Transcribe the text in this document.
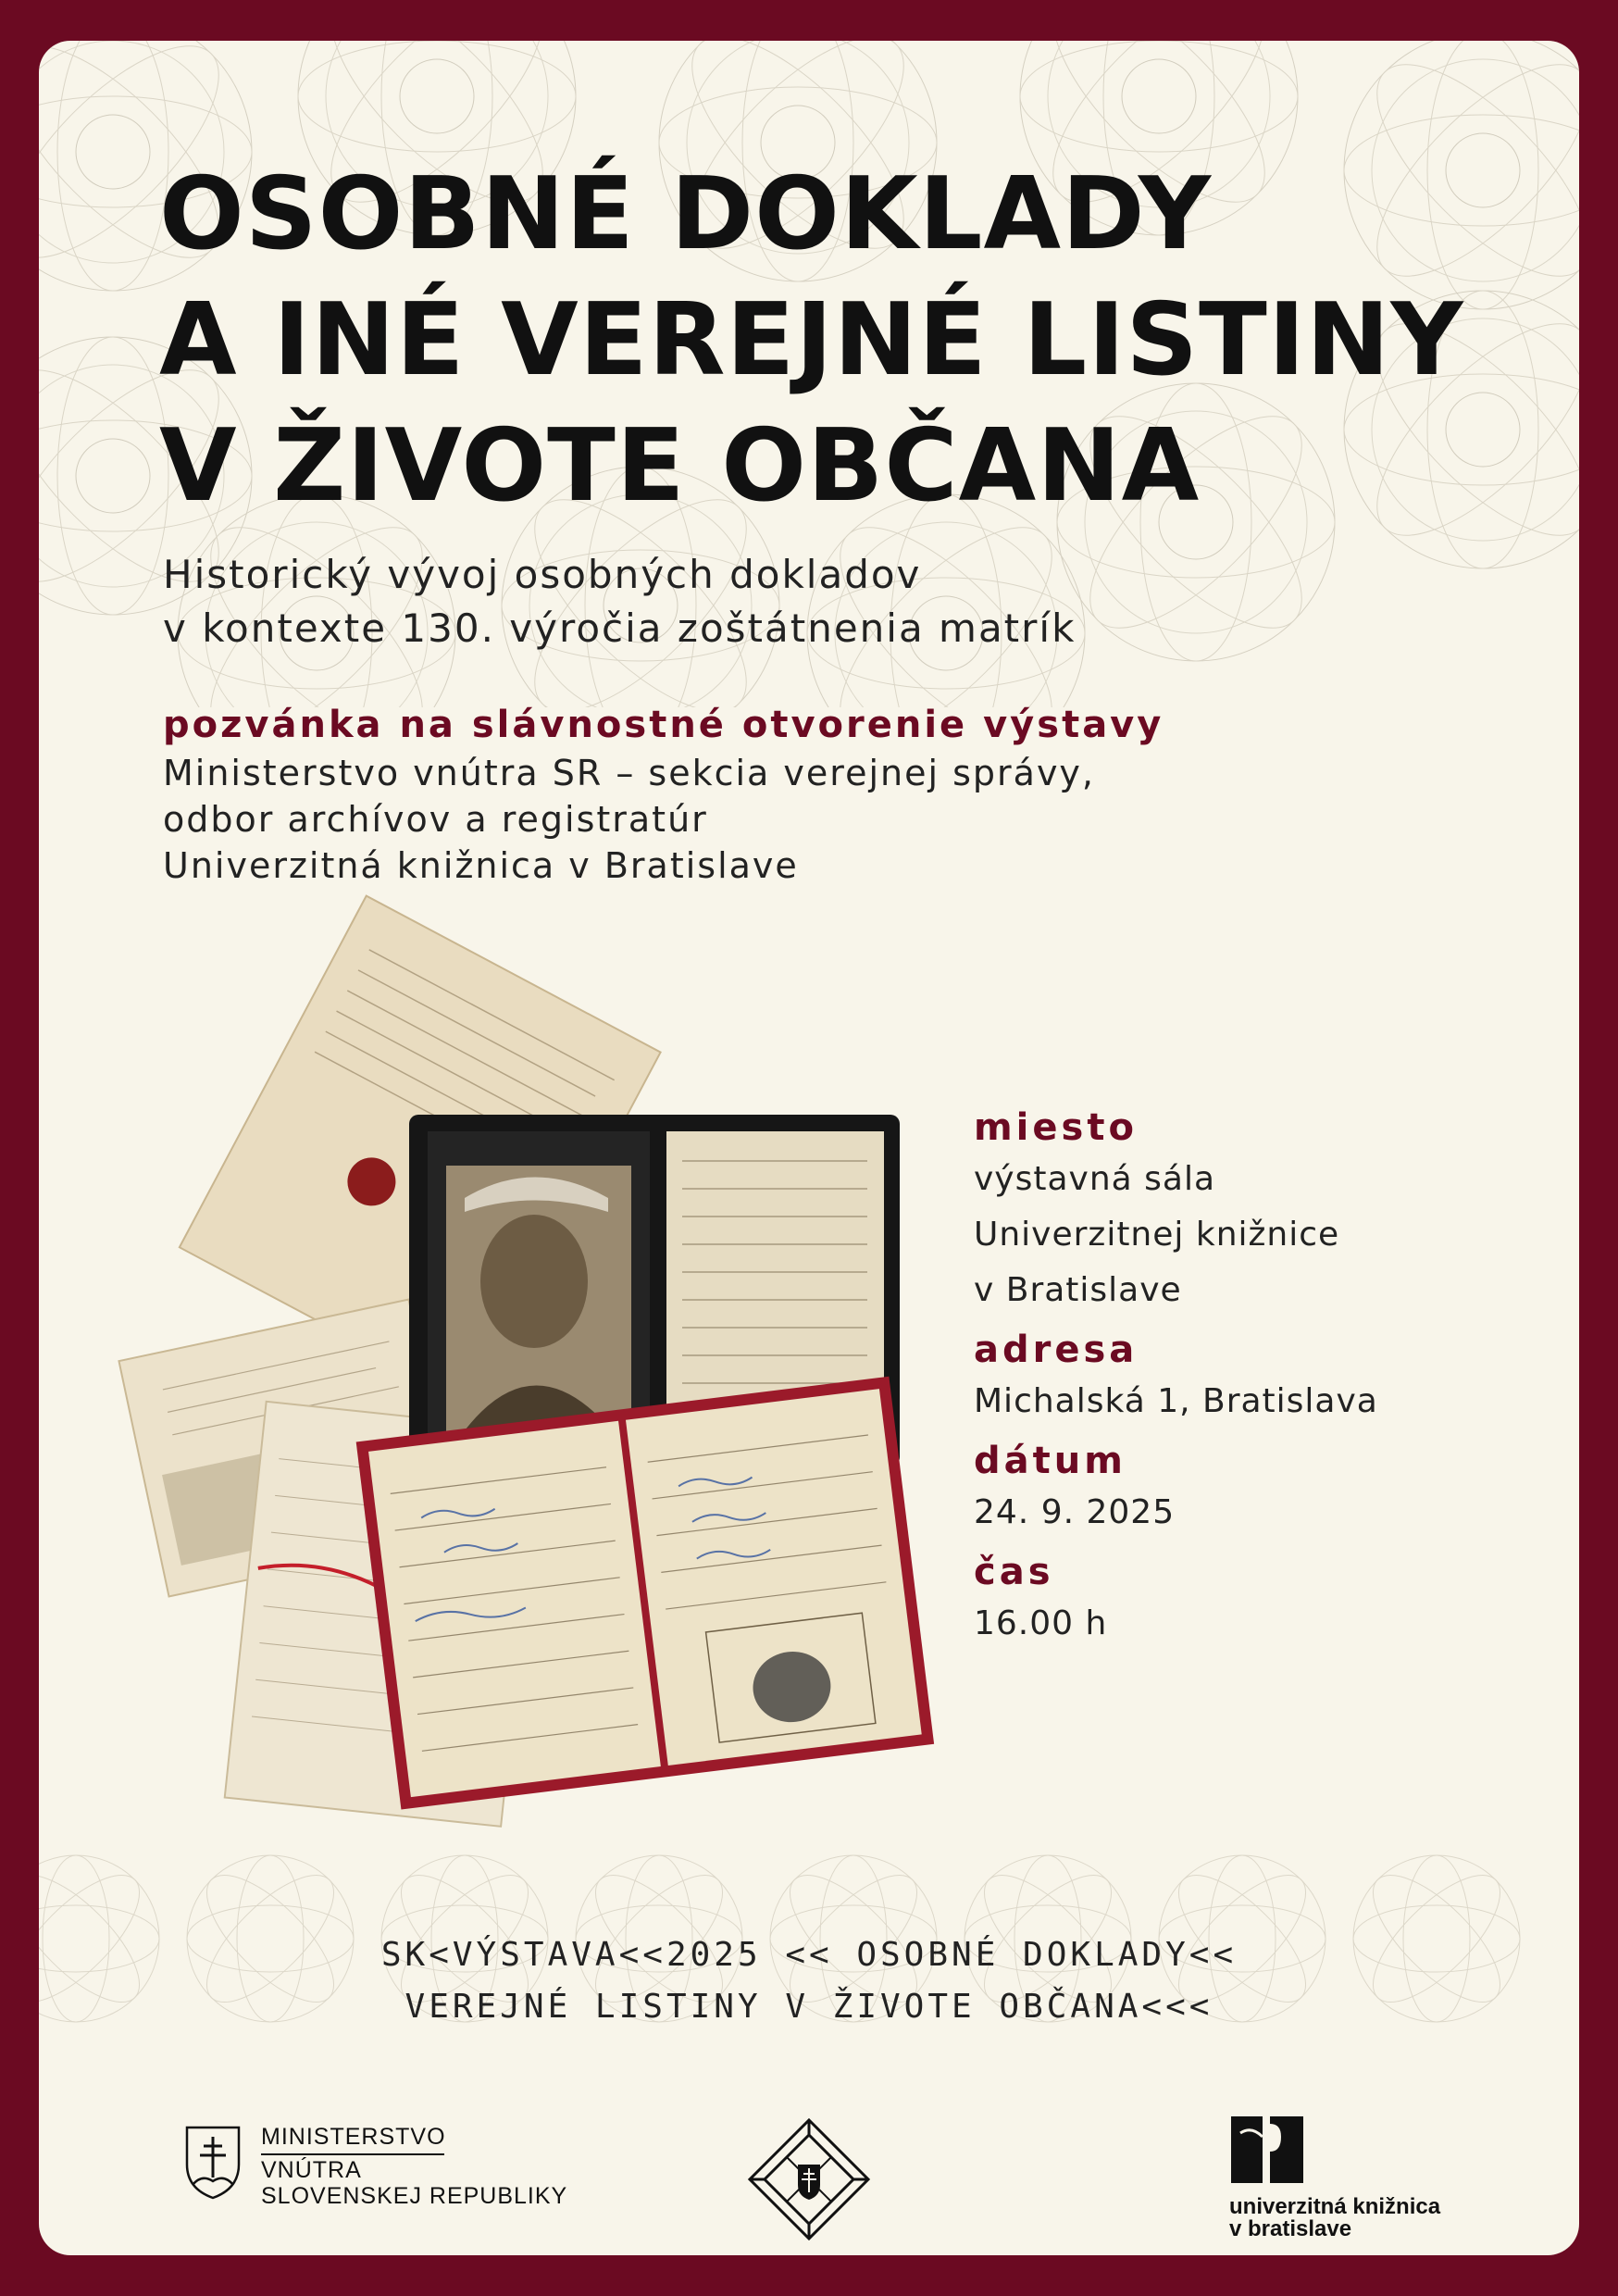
OSOBNÉ DOKLADY
A INÉ VEREJNÉ LISTINY
V ŽIVOTE OBČANA
Historický vývoj osobných dokladov
v kontexte 130. výročia zoštátnenia matrík
pozvánka na slávnostné otvorenie výstavy
Ministerstvo vnútra SR – sekcia verejnej správy,
odbor archívov a registratúr
Univerzitná knižnica v Bratislave
miesto
výstavná sála
Univerzitnej knižnice
v Bratislave
adresa
Michalská 1, Bratislava
dátum
24. 9. 2025
čas
16.00 h
SK<VÝSTAVA<<2025 << OSOBNÉ DOKLADY<<
VEREJNÉ LISTINY V ŽIVOTE OBČANA<<<
MINISTERSTVO
VNÚTRA
SLOVENSKEJ REPUBLIKY	univerzitná knižnica
v bratislave
